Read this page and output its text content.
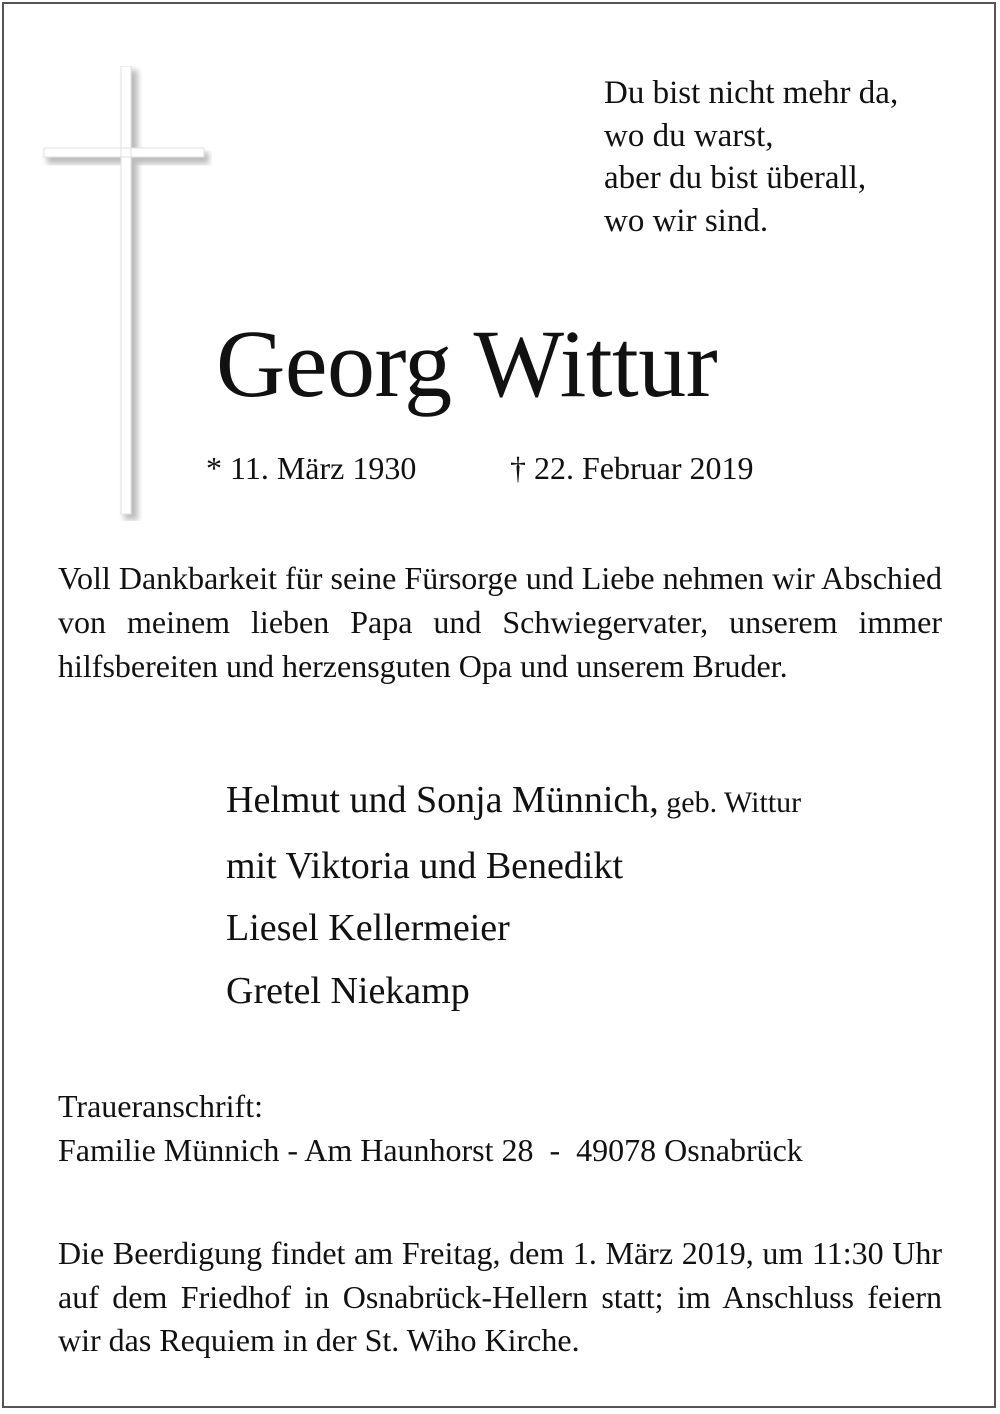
Du bist nicht mehr da,
wo du warst,
aber du bist überall,
wo wir sind.
Georg Wittur
* 11. März 1930	† 22. Februar 2019
Voll Dankbarkeit für seine Fürsorge und Liebe nehmen wir Abschied von meinem lieben Papa und Schwiegervater, unserem immer hilfsbereiten und herzensguten Opa und unserem Bruder.
Helmut und Sonja Münnich, geb. Wittur
mit Viktoria und Benedikt
Liesel Kellermeier
Gretel Niekamp
Traueranschrift:
Familie Münnich - Am Haunhorst 28  -  49078 Osnabrück
Die Beerdigung findet am Freitag, dem 1. März 2019, um 11:30 Uhr auf dem Friedhof in Osnabrück-Hellern statt; im Anschluss feiern wir das Requiem in der St. Wiho Kirche.
